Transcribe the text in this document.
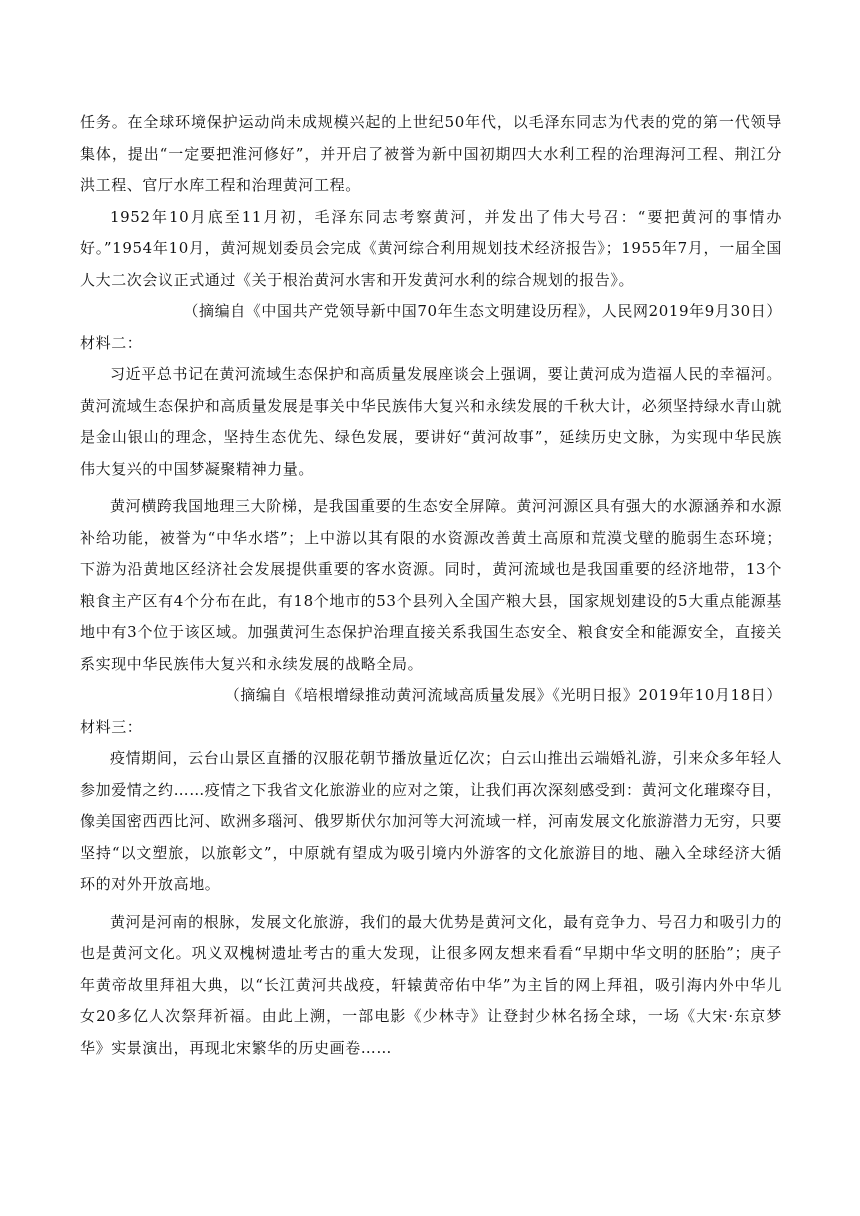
任务。在全球环境保护运动尚未成规模兴起的上世纪50年代，以毛泽东同志为代表的党的第一代领导集体，提出“一定要把淮河修好”，并开启了被誉为新中国初期四大水利工程的治理海河工程、荆江分洪工程、官厅水库工程和治理黄河工程。

1952年10月底至11月初，毛泽东同志考察黄河，并发出了伟大号召：“要把黄河的事情办好。”1954年10月，黄河规划委员会完成《黄河综合利用规划技术经济报告》；1955年7月，一届全国人大二次会议正式通过《关于根治黄河水害和开发黄河水利的综合规划的报告》。

（摘编自《中国共产党领导新中国70年生态文明建设历程》，人民网2019年9月30日）

材料二：

习近平总书记在黄河流域生态保护和高质量发展座谈会上强调，要让黄河成为造福人民的幸福河。黄河流域生态保护和高质量发展是事关中华民族伟大复兴和永续发展的千秋大计，必须坚持绿水青山就是金山银山的理念，坚持生态优先、绿色发展，要讲好“黄河故事”，延续历史文脉，为实现中华民族伟大复兴的中国梦凝聚精神力量。

黄河横跨我国地理三大阶梯，是我国重要的生态安全屏障。黄河河源区具有强大的水源涵养和水源补给功能，被誉为“中华水塔”；上中游以其有限的水资源改善黄土高原和荒漠戈壁的脆弱生态环境；下游为沿黄地区经济社会发展提供重要的客水资源。同时，黄河流域也是我国重要的经济地带，13个粮食主产区有4个分布在此，有18个地市的53个县列入全国产粮大县，国家规划建设的5大重点能源基地中有3个位于该区域。加强黄河生态保护治理直接关系我国生态安全、粮食安全和能源安全，直接关系实现中华民族伟大复兴和永续发展的战略全局。

（摘编自《培根增绿推动黄河流域高质量发展》《光明日报》2019年10月18日）

材料三：

疫情期间，云台山景区直播的汉服花朝节播放量近亿次；白云山推出云端婚礼游，引来众多年轻人参加爱情之约……疫情之下我省文化旅游业的应对之策，让我们再次深刻感受到：黄河文化璀璨夺目，像美国密西西比河、欧洲多瑙河、俄罗斯伏尔加河等大河流域一样，河南发展文化旅游潜力无穷，只要坚持“以文塑旅，以旅彰文”，中原就有望成为吸引境内外游客的文化旅游目的地、融入全球经济大循环的对外开放高地。

黄河是河南的根脉，发展文化旅游，我们的最大优势是黄河文化，最有竞争力、号召力和吸引力的也是黄河文化。巩义双槐树遗址考古的重大发现，让很多网友想来看看“早期中华文明的胚胎”；庚子年黄帝故里拜祖大典，以“长江黄河共战疫，轩辕黄帝佑中华”为主旨的网上拜祖，吸引海内外中华儿女20多亿人次祭拜祈福。由此上溯，一部电影《少林寺》让登封少林名扬全球，一场《大宋·东京梦华》实景演出，再现北宋繁华的历史画卷……
